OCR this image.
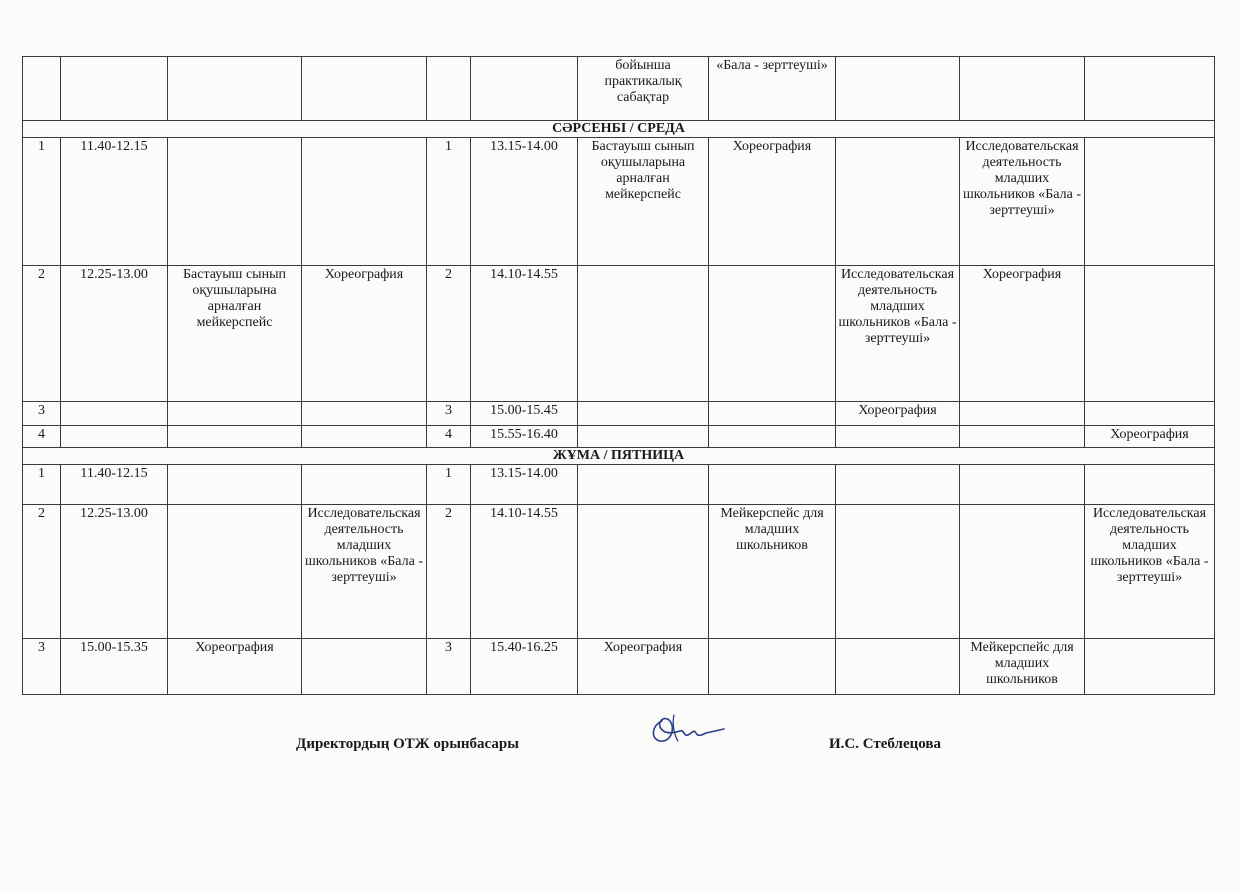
						бойынша практикалық сабақтар	«Бала - зерттеуші»			
СӘРСЕНБІ / СРЕДА										
1	11.40-12.15			1	13.15-14.00	Бастауыш сынып оқушыларына арналған мейкерспейс	Хореография		Исследовательская деятельность младших школьников «Бала - зерттеуші»	
2	12.25-13.00	Бастауыш сынып оқушыларына арналған мейкерспейс	Хореография	2	14.10-14.55			Исследовательская деятельность младших школьников «Бала - зерттеуші»	Хореография	
3				3	15.00-15.45			Хореография		
4				4	15.55-16.40					Хореография
ЖҰМА / ПЯТНИЦА										
1	11.40-12.15			1	13.15-14.00					
2	12.25-13.00		Исследовательская деятельность младших школьников «Бала - зерттеуші»	2	14.10-14.55		Мейкерспейс для младших школьников			Исследовательская деятельность младших школьников «Бала - зерттеуші»
3	15.00-15.35	Хореография		3	15.40-16.25	Хореография			Мейкерспейс для младших школьников	
Директордың ОТЖ орынбасары	И.С. Стеблецова
